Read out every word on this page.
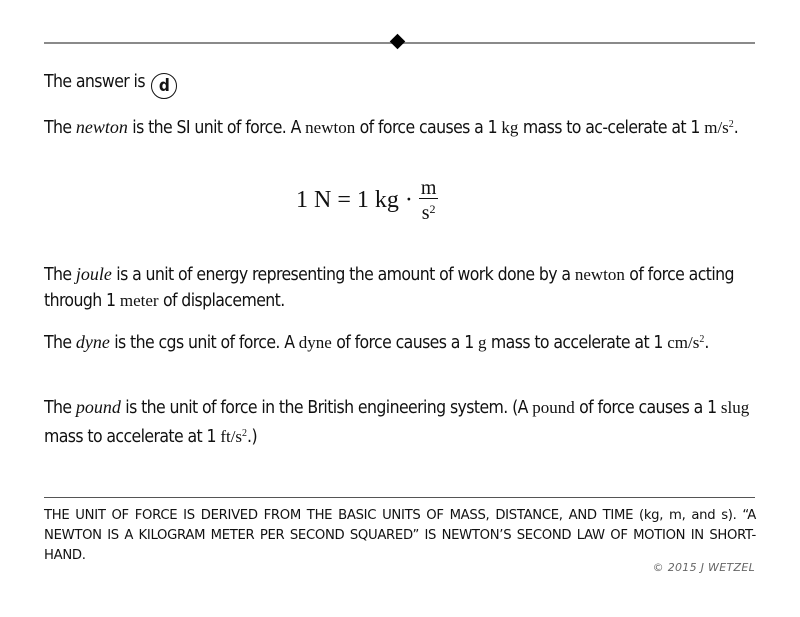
The answer is d
The newton is the SI unit of force. A newton of force causes a 1 kg mass to ac-celerate at 1 $m/s^2$.
1 N = 1 kg · $\frac{m}{s^2}$
The joule is a unit of energy representing the amount of work done by a newton of force acting through 1 meter of displacement.
The dyne is the cgs unit of force. A dyne of force causes a 1 g mass to accelerate at 1 $cm/s^2$.
The pound is the unit of force in the British engineering system. (A pound of force causes a 1 slug mass to accelerate at 1 $ft/s^2$.)
THE UNIT OF FORCE IS DERIVED FROM THE BASIC UNITS OF MASS, DISTANCE, AND TIME (kg, m, and s). “A NEWTON IS A KILOGRAM METER PER SECOND SQUARED” IS NEWTON’S SECOND LAW OF MOTION IN SHORT-HAND.
© 2015 J WETZEL
